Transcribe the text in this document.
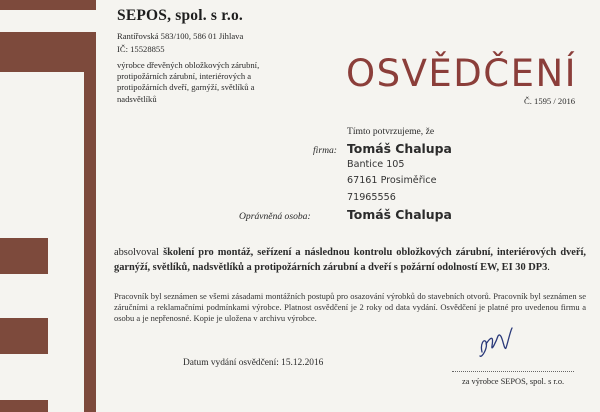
SEPOS, spol. s r.o.
Rantířovská 583/100, 586 01 Jihlava
IČ: 15528855
výrobce dřevěných obložkových zárubní, protipožárních zárubní, interiérových a protipožárních dveří, garnýží, světlíků a nadsvětlíků
OSVĚDČENÍ
Č. 1595 / 2016
Tímto potvrzujeme, že
firma: Tomáš Chalupa
Bantice 105
67161 Prosiměřice
71965556
Oprávněná osoba:	Tomáš Chalupa
absolvoval školení pro montáž, seřízení a následnou kontrolu obložkových zárubní, interiérových dveří, garnýží, světlíků, nadsvětlíků a protipožárních zárubní a dveří s požární odolností EW, EI 30 DP3.
Pracovník byl seznámen se všemi zásadami montážních postupů pro osazování výrobků do stavebních otvorů. Pracovník byl seznámen se záručními a reklamačními podmínkami výrobce. Platnost osvědčení je 2 roky od data vydání. Osvědčení je platné pro uvedenou firmu a osobu a je nepřenosné. Kopie je uložena v archivu výrobce.
Datum vydání osvědčení: 15.12.2016
za výrobce SEPOS, spol. s r.o.
